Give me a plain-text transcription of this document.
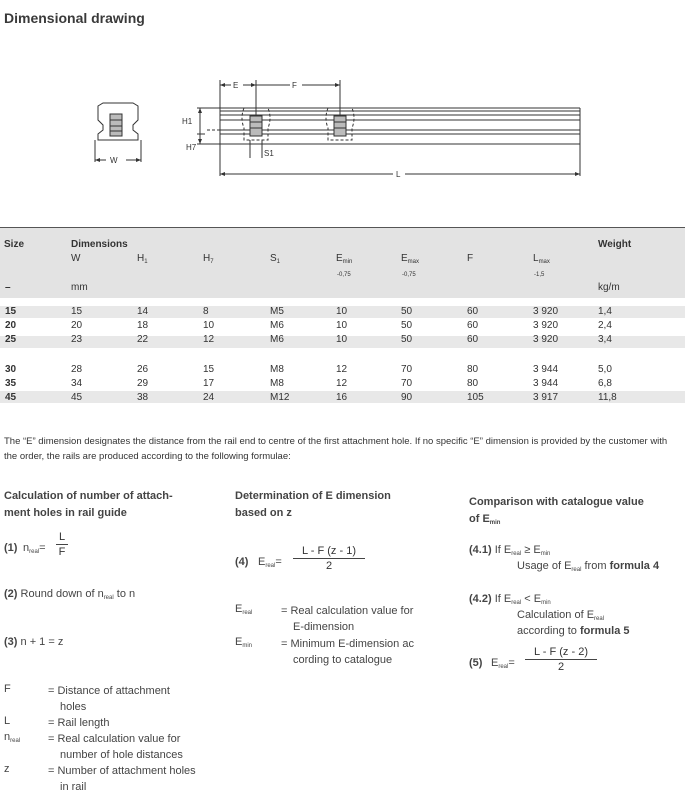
Dimensional drawing
W
E	F
H1
H7
S1
L
Size	Dimensions	Weight
W	$H_1$	$H_7$	$S_1$	$E_{min}$	$E_{max}$	F	$L_{max}$
-0,75	-0,75	-1,5
–	mm	kg/m
15	15	14	8	M5	10	50	60	3 920	1,4
20	20	18	10	M6	10	50	60	3 920	2,4
25	23	22	12	M6	10	50	60	3 920	3,4
30	28	26	15	M8	12	70	80	3 944	5,0
35	34	29	17	M8	12	70	80	3 944	6,8
45	45	38	24	M12	16	90	105	3 917	11,8
The “E” dimension designates the distance from the rail end to centre of the first attachment hole. If no specific “E” dimension is provided by the customer with the order, the rails are produced according to the following formulae:
Calculation of number of attach-
ment holes in rail guide
(1) $n_{real}=$
L
F
(2) Round down of $n_{real}$ to n
(3) n + 1 = z
F	= Distance of attachment
holes
L	= Rail length
$n_{real}$	= Real calculation value for
number of hole distances
z	= Number of attachment holes
in rail
Determination of E dimension
based on z
(4) $E_{real}=$
L - F (z - 1)
2
$E_{real}$	= Real calculation value for
E-dimension
$E_{min}$	= Minimum E-dimension ac
cording to catalogue
Comparison with catalogue value
of $E_{min}$
(4.1) If $E_{real} \ge E_{min}$
Usage of $E_{real}$ from formula 4
(4.2) If $E_{real} < E_{min}$
Calculation of $E_{real}$
according to formula 5
(5) $E_{real}=$
L - F (z - 2)
2
